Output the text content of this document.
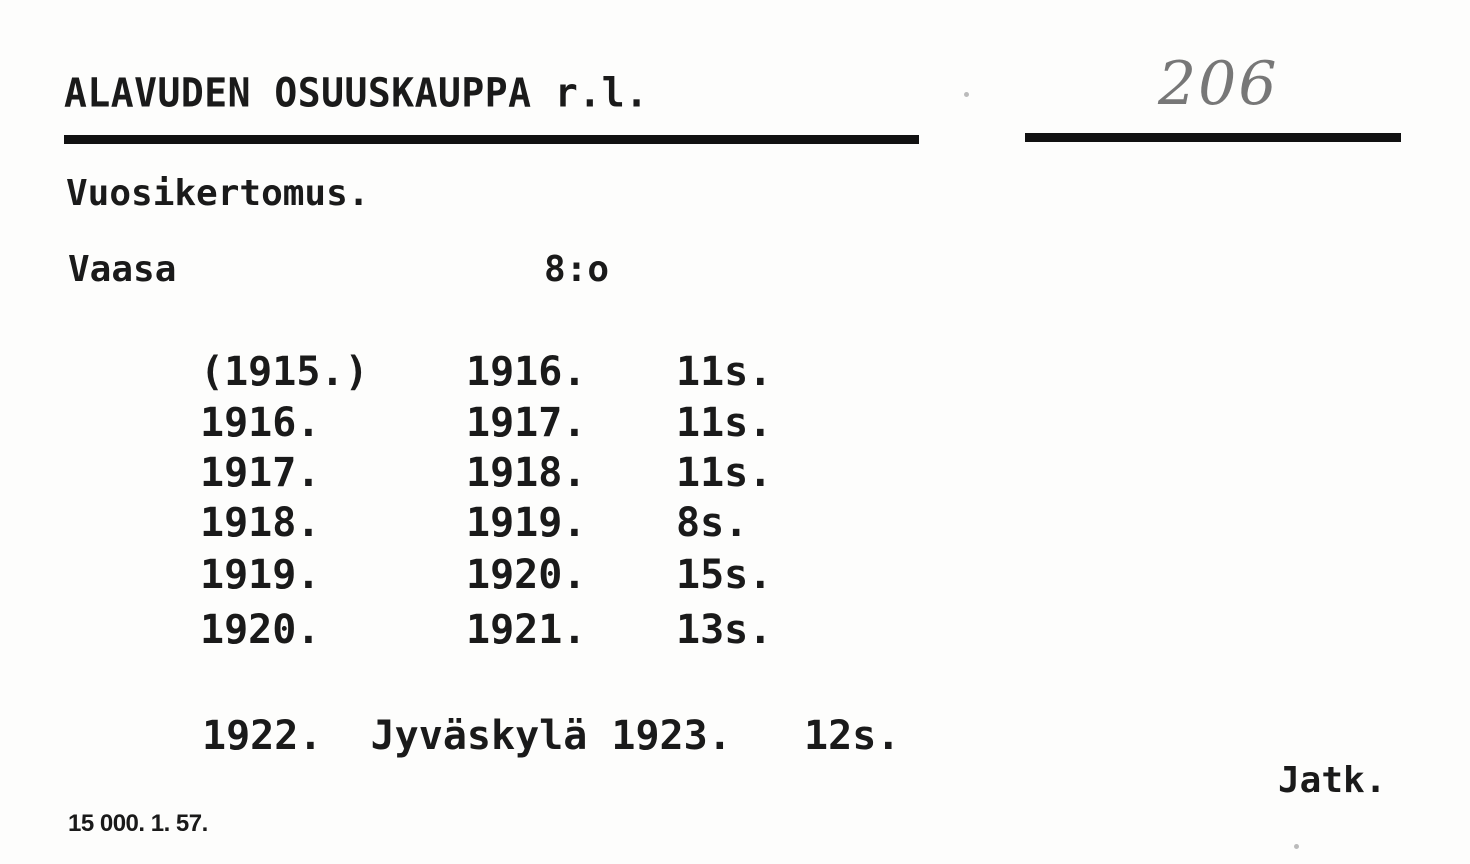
ALAVUDEN OSUUSKAUPPA r.l.	206
Vuosikertomus.
Vaasa	8:o
(1915.) 1916. 11s.
1916.	1917. 11s.
1917.	1918. 11s.
1918.	1919. 8s.
1919.	1920. 15s.
1920.	1921. 13s.
1922.  Jyväskylä 1923.   12s.
Jatk.
15 000. 1. 57.
